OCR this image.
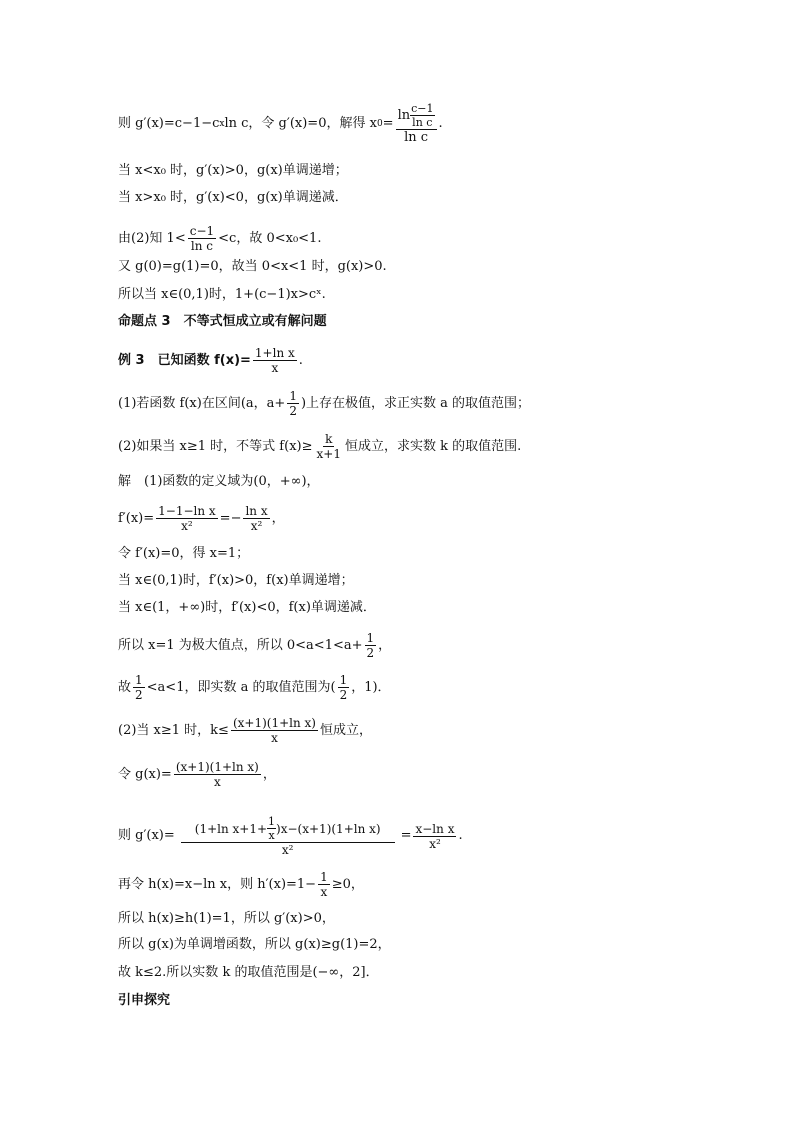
则 g′(x)=c−1−c x ln c，令 g′(x)=0，解得 x $0 = \frac{\ln \frac{c-1}{\text{ln c}}}{\text{ln c}}$ .
当 x<x₀ 时，g′(x)>0，g(x)单调递增；
当 x>x₀ 时，g′(x)<0，g(x)单调递减．
由(2)知 $1< \frac{c-1}{\text{ln c}} <c$，故 0<x₀<1.
又 g(0)=g(1)=0，故当 0<x<1 时，g(x)>0.
所以当 x∈(0,1)时，1+(c−1)x>cˣ.
命题点 3　不等式恒成立或有解问题
例 3　已知函数 $f(x)= \frac{\text{1+ln x}}{x}$ .
(1)若函数 f(x)在区间(a，$a+ \frac{1}{2}$ )上存在极值，求正实数 a 的取值范围；
(2)如果当 x≥1 时，不等式 $f(x)\ge \frac{k}{x+1}$ 恒成立，求实数 k 的取值范围.
解　(1)函数的定义域为(0，+∞)，
$f'(x)= \frac{\text{1−1−ln x}}{\text{x²}} =- \frac{\text{ln x}}{\text{x²}}$ ，
令 f′(x)=0，得 x=1；
当 x∈(0,1)时，f′(x)>0，f(x)单调递增；
当 x∈(1，+∞)时，f′(x)<0，f(x)单调递减．
所以 x=1 为极大值点，所以 $0<a<1<a+ \frac{1}{2}$ ，
故 $\frac{1}{2} <a<1$，即实数 a 的取值范围为( $\frac{1}{2}$ ，1)．
(2)当 x≥1 时，$k\le \frac{\text{(x+1)(1+ln x)}}{x}$ 恒成立，
令 $g(x)= \frac{\text{(x+1)(1+ln x)}}{x}$ ，
则 g′(x)= (1+ln $x+1+ \frac{1}{x} )x-(x+1)(1+\ln$ x)
x²
= $\frac{\text{x−ln x}}{\text{x²}}$ .
再令 h(x)=x−ln x，则 $h'(x)=1- \frac{1}{x} \ge 0$，
所以 h(x)≥h(1)=1，所以 g′(x)>0，
所以 g(x)为单调增函数，所以 g(x)≥g(1)=2，
故 k≤2.所以实数 k 的取值范围是(−∞，2]．
引申探究
